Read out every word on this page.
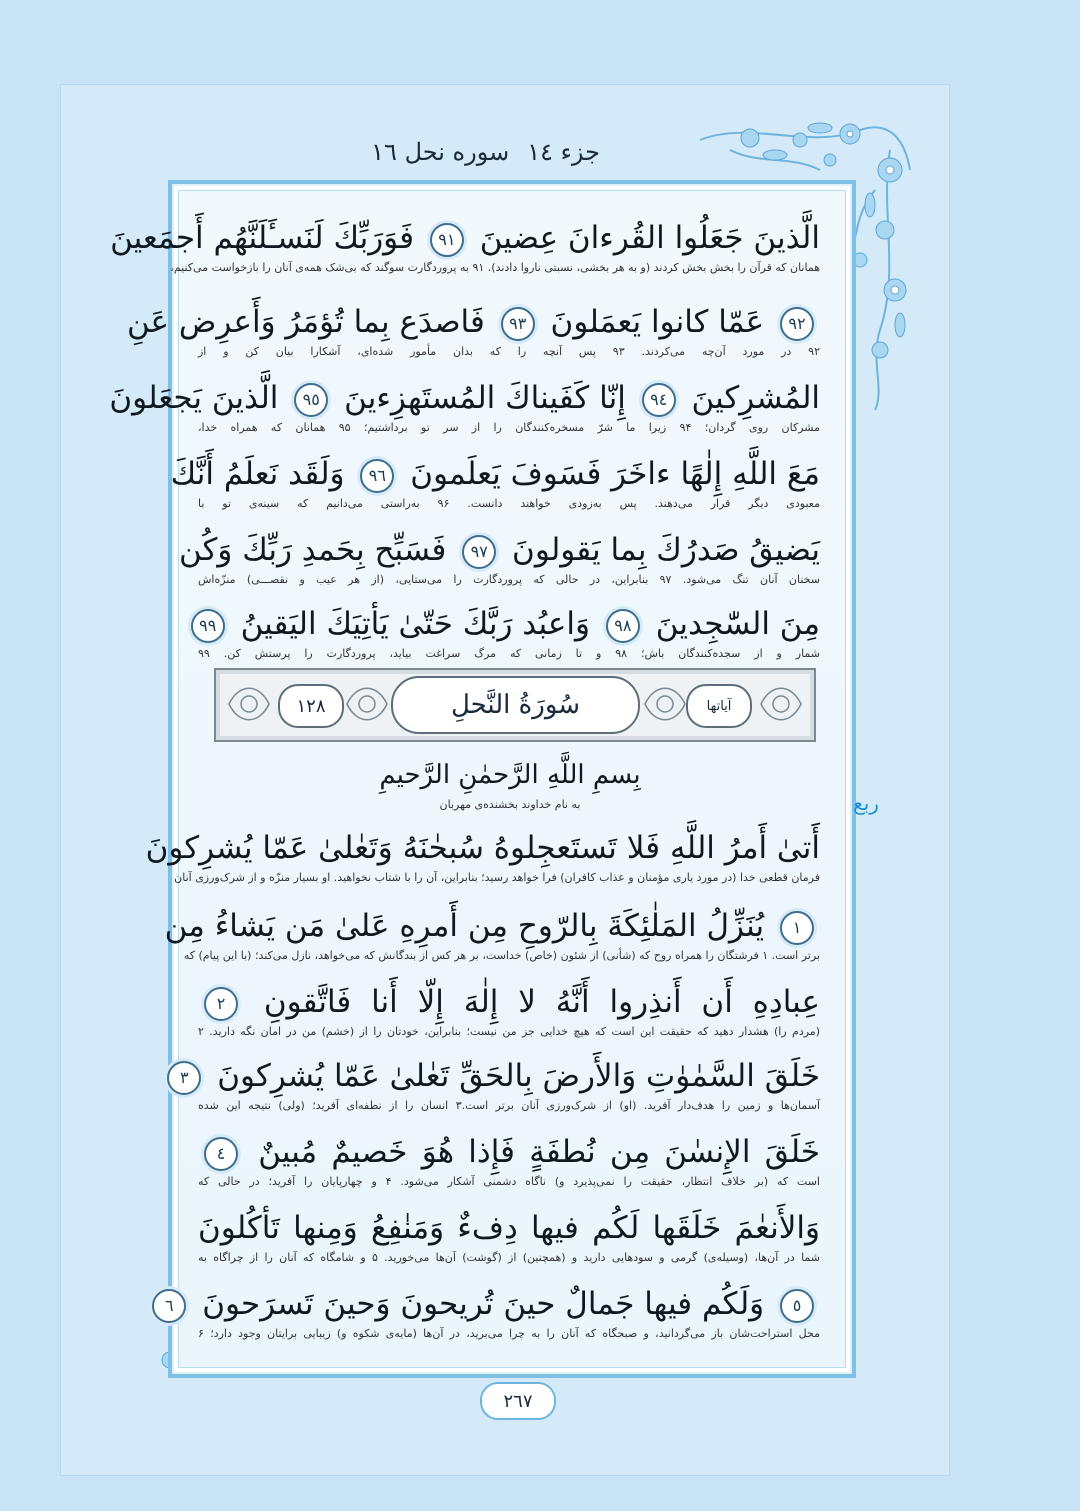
جزء ١٤
سوره نحل ١٦
ربع
الَّذينَ جَعَلُوا القُرءانَ عِضينَ ٩١ فَوَرَبِّكَ لَنَسـَٔلَنَّهُم أَجمَعينَ
همانان که قرآن را بخش بخش کردند (و به هر بخشی، نسبتی ناروا دادند). ۹۱ به پروردگارت سوگند که بی‌شک همه‌ی آنان را بازخواست می‌کنیم،
٩٢ عَمّا كانوا يَعمَلونَ ٩٣ فَاصدَع بِما تُؤمَرُ وَأَعرِض عَنِ
۹۲ در مورد آن‌چه می‌کردند. ۹۳ پس آنچه را که بدان مأمور شده‌ای، آشکارا بیان کن و از
المُشرِكينَ ٩٤ إِنّا كَفَيناكَ المُستَهزِءينَ ٩٥ الَّذينَ يَجعَلونَ
مشرکان روی گردان؛ ۹۴ زیرا ما شرّ مسخره‌کنندگان را از سر تو برداشتیم؛ ۹۵ همانان که همراه خدا،
مَعَ اللَّهِ إِلٰهًا ءاخَرَ فَسَوفَ يَعلَمونَ ٩٦ وَلَقَد نَعلَمُ أَنَّكَ
معبودی دیگر قرار می‌دهند. پس به‌زودی خواهند دانست. ۹۶ به‌راستی می‌دانیم که سینه‌ی تو با
يَضيقُ صَدرُكَ بِما يَقولونَ ٩٧ فَسَبِّح بِحَمدِ رَبِّكَ وَكُن
سخنان آنان تنگ می‌شود. ۹۷ بنابراین، در حالی که پروردگارت را می‌ستایی، (از هر عیب و نقصـــی) منزّه‌اش
مِنَ السّٰجِدينَ ٩٨ وَاعبُد رَبَّكَ حَتّىٰ يَأتِيَكَ اليَقينُ ٩٩
شمار و از سجده‌کنندگان باش؛ ۹۸ و تا زمانی که مرگ سراغت بیاید، پروردگارت را پرستش کن. ۹۹
١٢٨	سُورَةُ النَّحلِ	آیاتها
بِسمِ اللَّهِ الرَّحمٰنِ الرَّحيمِ
به نام خداوند بخشنده‌ی مهربان
أَتىٰ أَمرُ اللَّهِ فَلا تَستَعجِلوهُ سُبحٰنَهُ وَتَعٰلىٰ عَمّا يُشرِكونَ
فرمان قطعی خدا (در مورد یاری مؤمنان و عذاب کافران) فرا خواهد رسید؛ بنابراین، آن را با شتاب نخواهید. او بسیار منزّه و از شرک‌ورزی آنان
١ يُنَزِّلُ المَلٰئِكَةَ بِالرّوحِ مِن أَمرِهِ عَلىٰ مَن يَشاءُ مِن
برتر است. ۱ فرشتگان را همراه روح که (شأنی) از شئون (خاص) خداست، بر هر کس از بندگانش که می‌خواهد، نازل می‌کند؛ (با این پیام) که
عِبادِهِ أَن أَنذِروا أَنَّهُ لا إِلٰهَ إِلّا أَنا فَاتَّقونِ ٢
(مردم را) هشدار دهید که حقیقت این است که هیچ خدایی جز من نیست؛ بنابراین، خودتان را از (خشم) من در امان نگه دارید. ۲
خَلَقَ السَّمٰوٰتِ وَالأَرضَ بِالحَقِّ تَعٰلىٰ عَمّا يُشرِكونَ ٣
آسمان‌ها و زمین را هدف‌دار آفرید. (او) از شرک‌ورزی آنان برتر است.۳ انسان را از نطفه‌ای آفرید؛ (ولی) نتیجه این شده
خَلَقَ الإِنسٰنَ مِن نُطفَةٍ فَإِذا هُوَ خَصيمٌ مُبينٌ ٤
است که (بر خلاف انتظار، حقیقت را نمی‌پذیرد و) ناگاه دشمنی آشکار می‌شود. ۴ و چهارپایان را آفرید؛ در حالی که
وَالأَنعٰمَ خَلَقَها لَكُم فيها دِفءٌ وَمَنٰفِعُ وَمِنها تَأكُلونَ
شما در آن‌ها، (وسیله‌ی) گرمی و سودهایی دارید و (همچنین) از (گوشت) آن‌ها می‌خورید. ۵ و شامگاه که آنان را از چراگاه به
٥ وَلَكُم فيها جَمالٌ حينَ تُريحونَ وَحينَ تَسرَحونَ ٦
محل استراحت‌شان باز می‌گردانید، و صبحگاه که آنان را به چرا می‌برید، در آن‌ها (مایه‌ی شکوه و) زیبایی برایتان وجود دارد؛ ۶
٢٦٧
